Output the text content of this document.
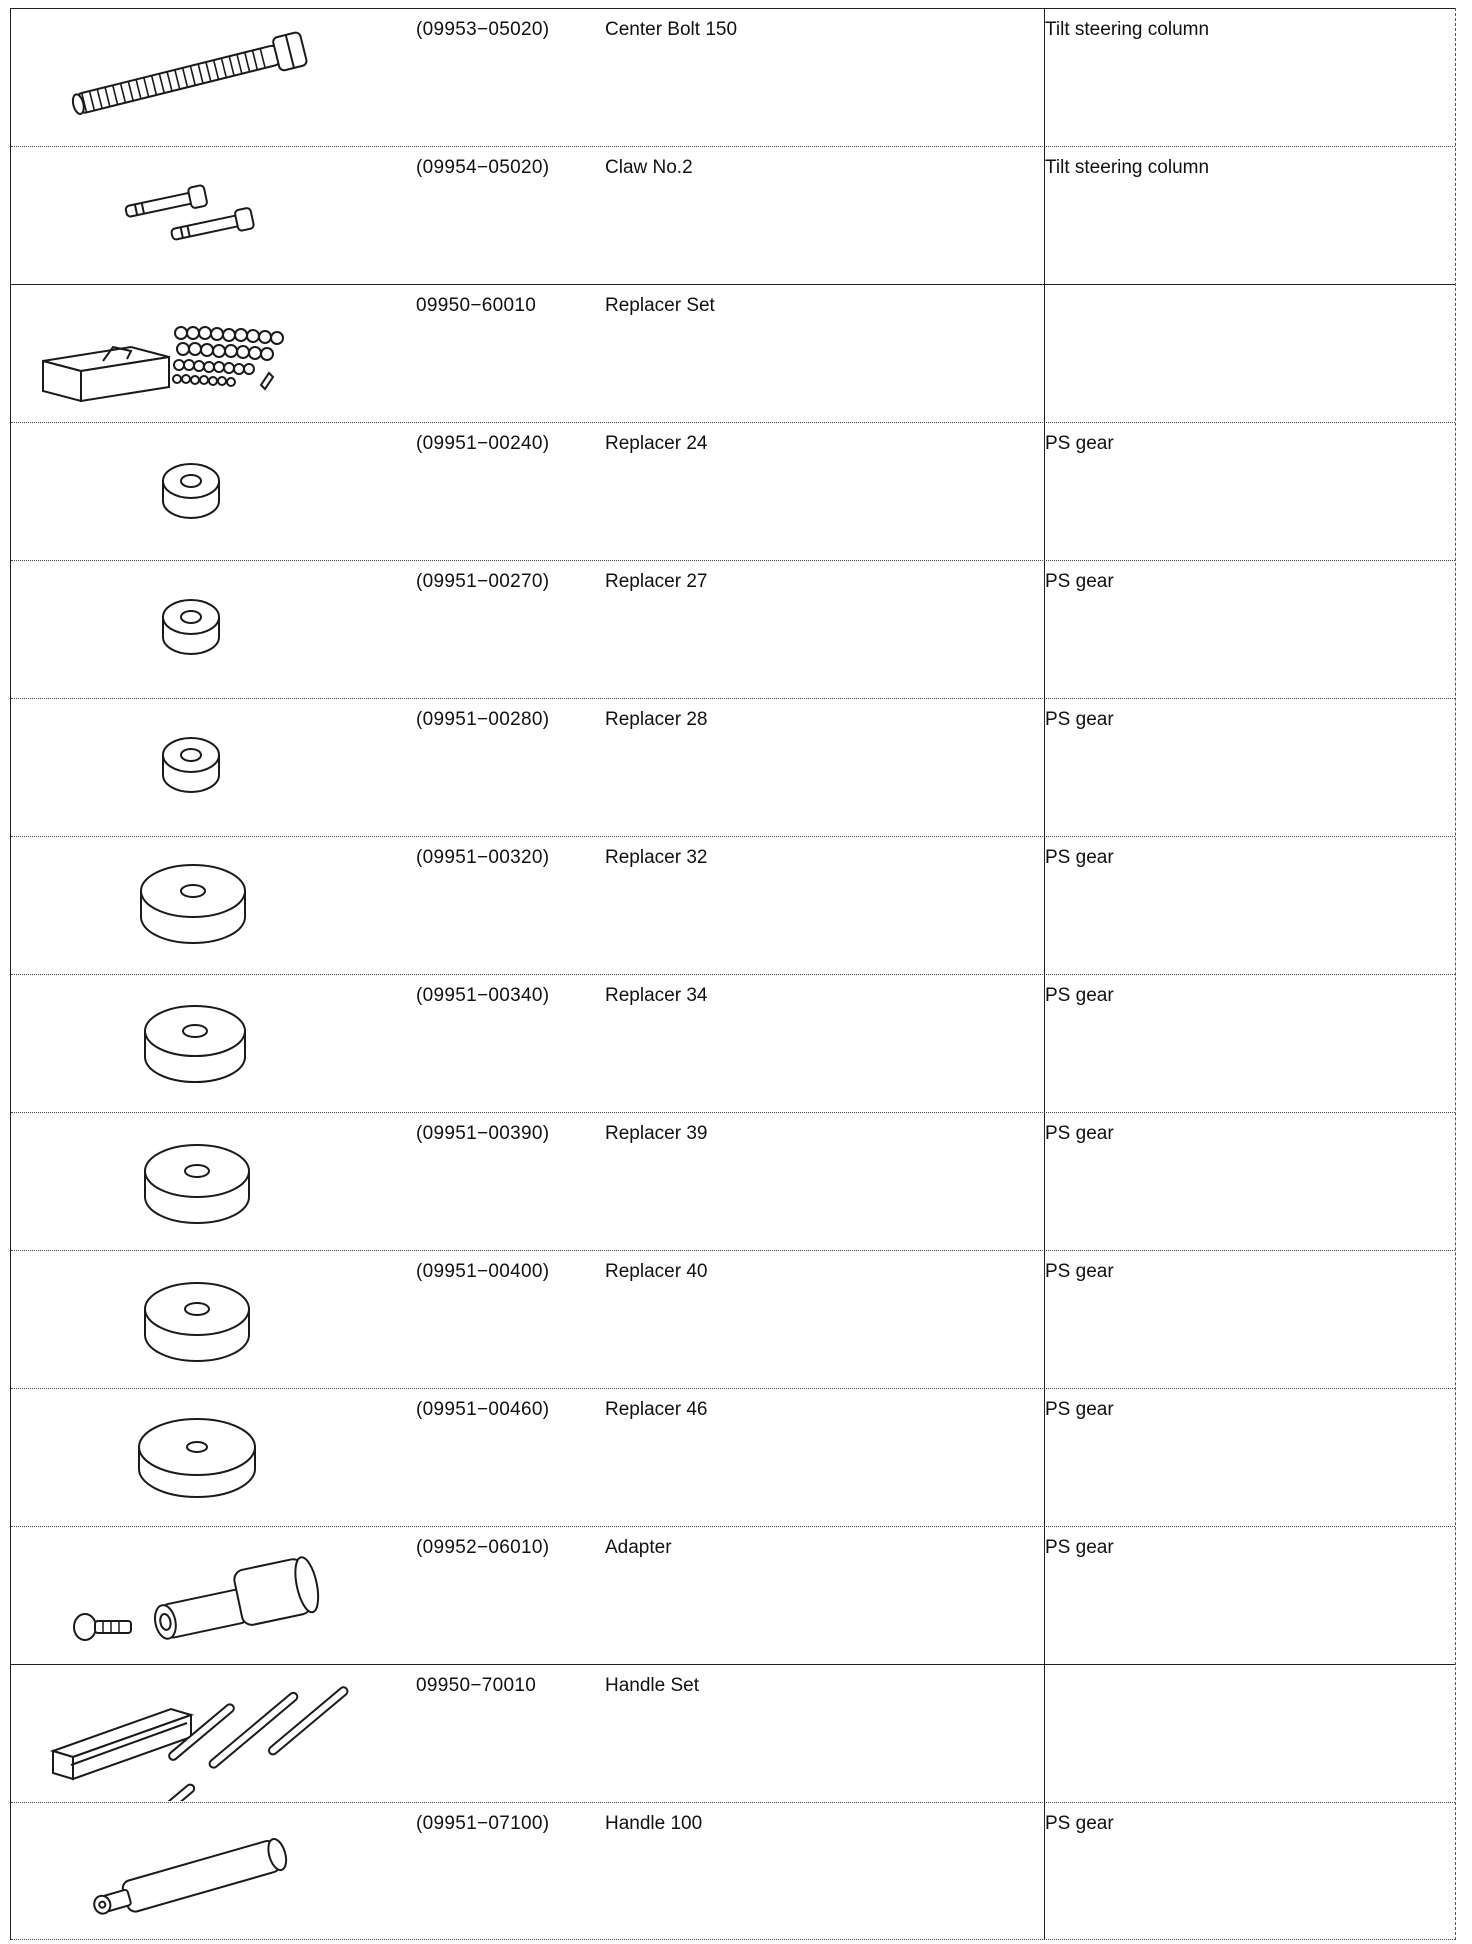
(09953−05020)	Center Bolt 150	Tilt steering column
(09954−05020)	Claw No.2	Tilt steering column
09950−60010	Replacer Set
(09951−00240)	Replacer 24	PS gear
(09951−00270)	Replacer 27	PS gear
(09951−00280)	Replacer 28	PS gear
(09951−00320)	Replacer 32	PS gear
(09951−00340)	Replacer 34	PS gear
(09951−00390)	Replacer 39	PS gear
(09951−00400)	Replacer 40	PS gear
(09951−00460)	Replacer 46	PS gear
(09952−06010)	Adapter	PS gear
09950−70010	Handle Set
(09951−07100)	Handle 100	PS gear
